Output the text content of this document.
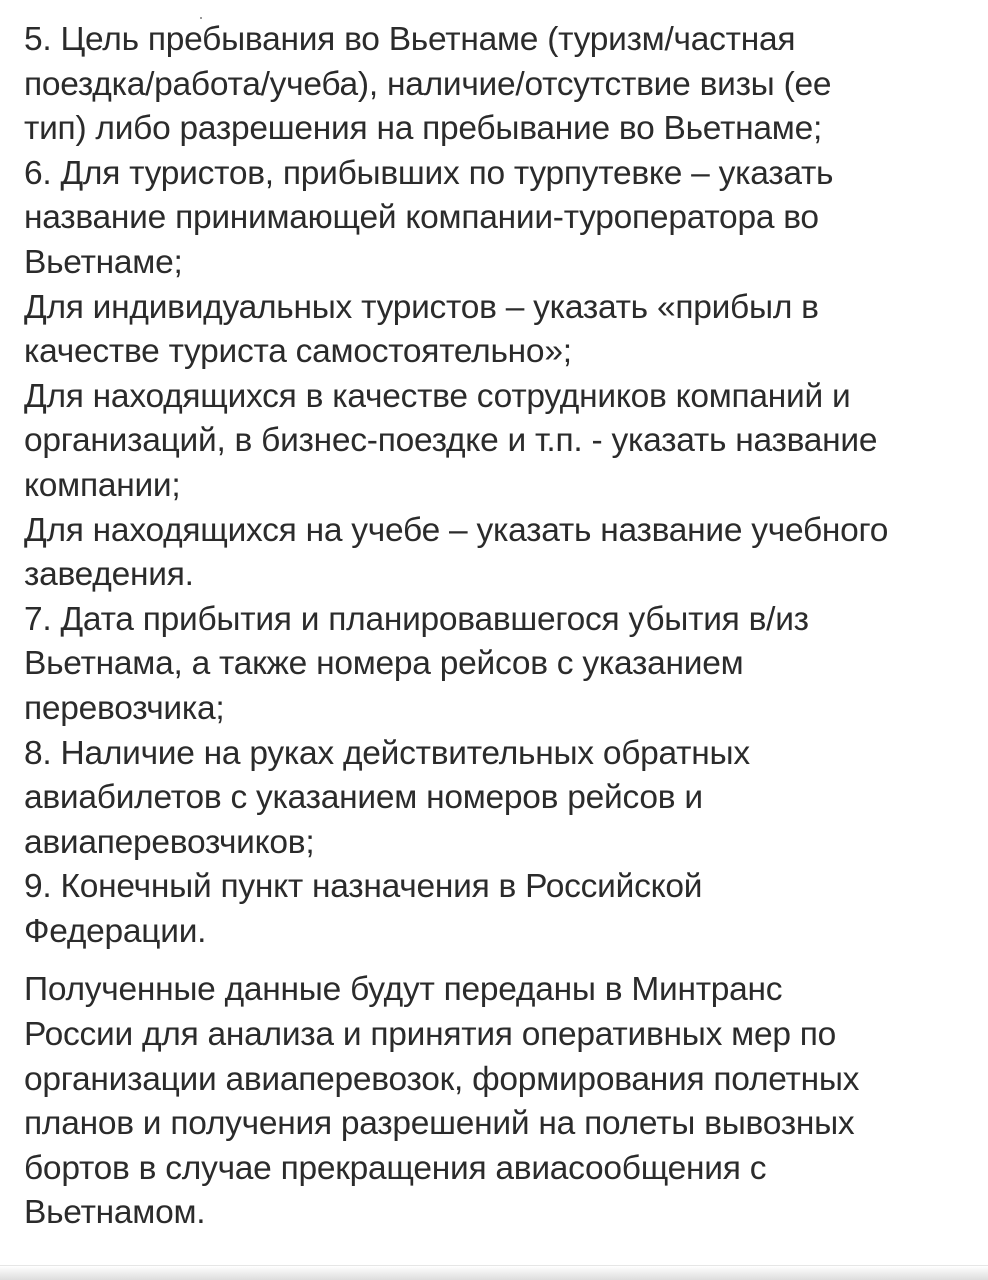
5. Цель пребывания во Вьетнаме (туризм/частная
поездка/работа/учеба), наличие/отсутствие визы (ее
тип) либо разрешения на пребывание во Вьетнаме;
6. Для туристов, прибывших по турпутевке – указать
название принимающей компании-туроператора во
Вьетнаме;
Для индивидуальных туристов – указать «прибыл в
качестве туриста самостоятельно»;
Для находящихся в качестве сотрудников компаний и
организаций, в бизнес-поездке и т.п. - указать название
компании;
Для находящихся на учебе – указать название учебного
заведения.
7. Дата прибытия и планировавшегося убытия в/из
Вьетнама, а также номера рейсов с указанием
перевозчика;
8. Наличие на руках действительных обратных
авиабилетов с указанием номеров рейсов и
авиаперевозчиков;
9. Конечный пункт назначения в Российской
Федерации.

Полученные данные будут переданы в Минтранс
России для анализа и принятия оперативных мер по
организации авиаперевозок, формирования полетных
планов и получения разрешений на полеты вывозных
бортов в случае прекращения авиасообщения с
Вьетнамом.
